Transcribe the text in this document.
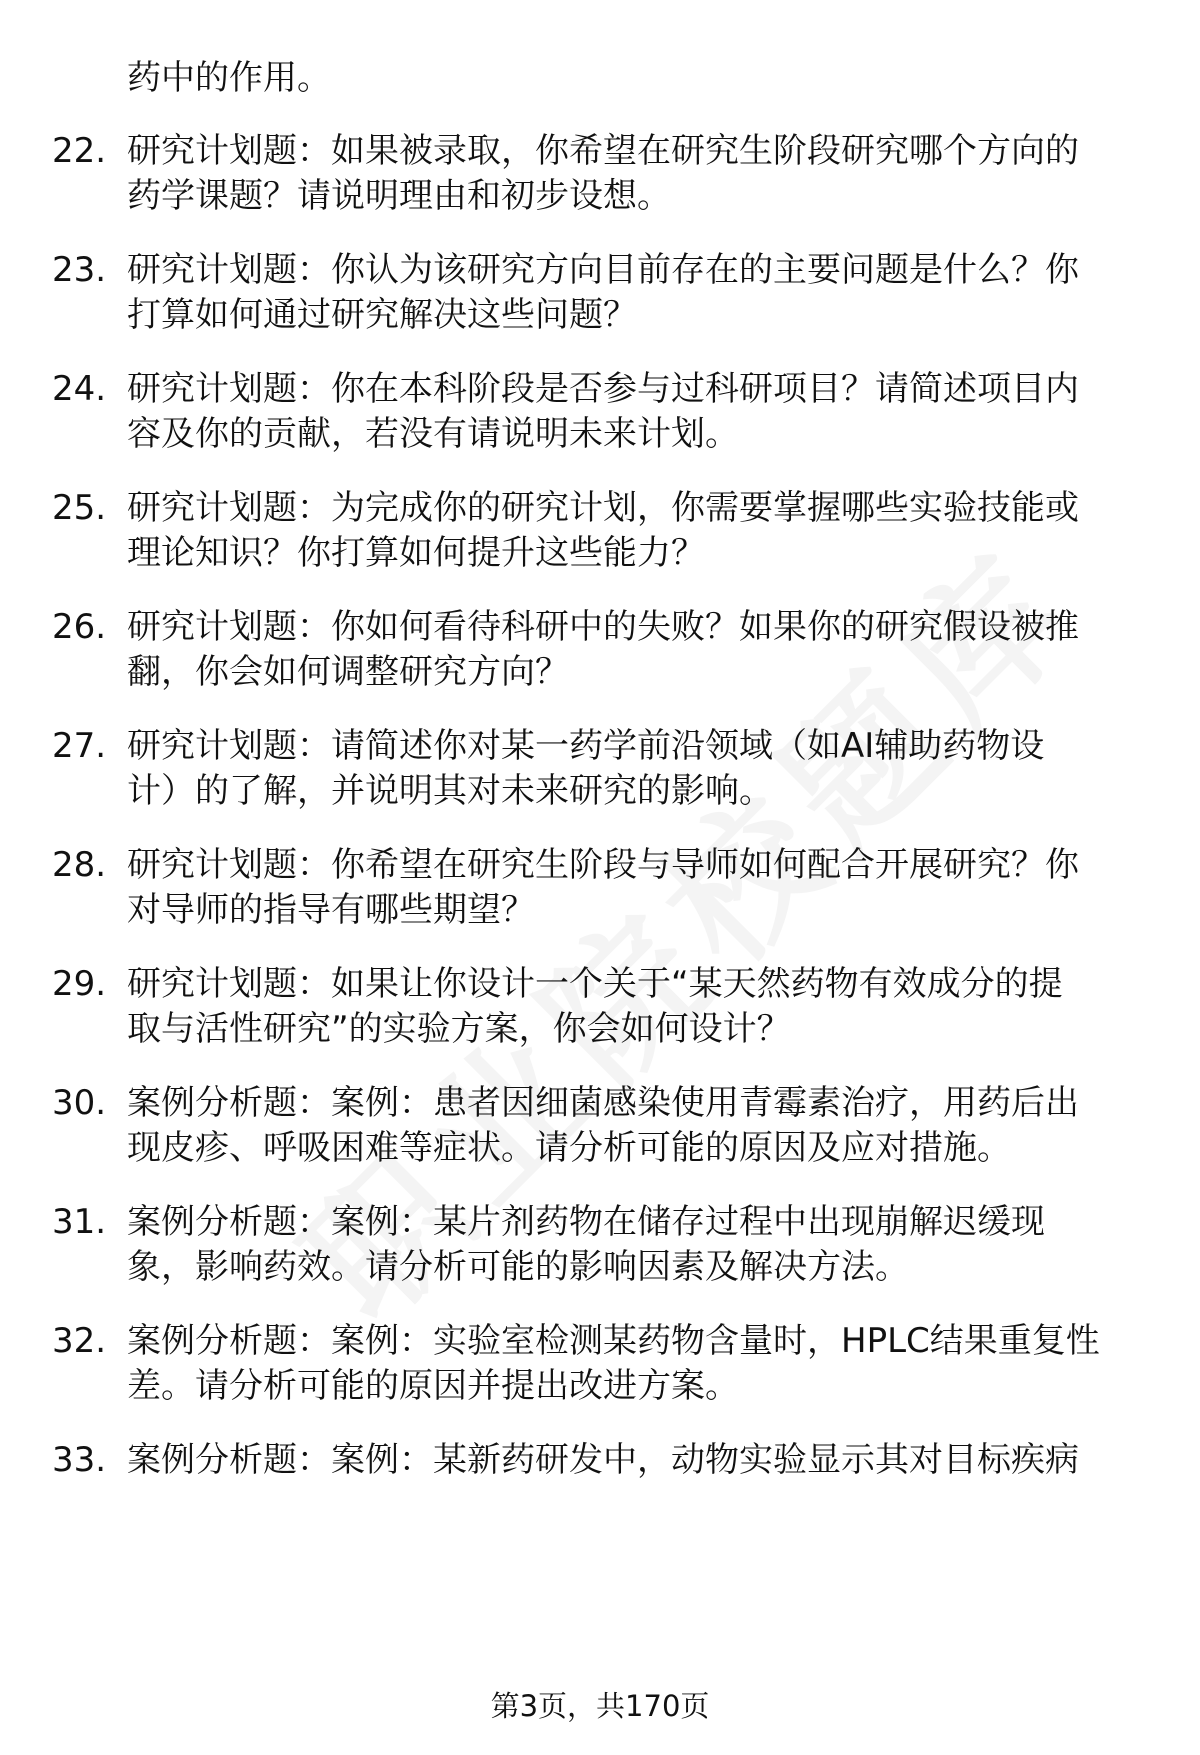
药中的作用。
22. 研究计划题：如果被录取，你希望在研究生阶段研究哪个方向的
药学课题？请说明理由和初步设想。
23. 研究计划题：你认为该研究方向目前存在的主要问题是什么？你
打算如何通过研究解决这些问题？
24. 研究计划题：你在本科阶段是否参与过科研项目？请简述项目内
容及你的贡献，若没有请说明未来计划。
25. 研究计划题：为完成你的研究计划，你需要掌握哪些实验技能或
理论知识？你打算如何提升这些能力？
26. 研究计划题：你如何看待科研中的失败？如果你的研究假设被推
翻，你会如何调整研究方向？
27. 研究计划题：请简述你对某一药学前沿领域（如AI辅助药物设
计）的了解，并说明其对未来研究的影响。
28. 研究计划题：你希望在研究生阶段与导师如何配合开展研究？你
对导师的指导有哪些期望？
29. 研究计划题：如果让你设计一个关于“某天然药物有效成分的提
取与活性研究”的实验方案，你会如何设计？
30. 案例分析题：案例：患者因细菌感染使用青霉素治疗，用药后出
现皮疹、呼吸困难等症状。请分析可能的原因及应对措施。
31. 案例分析题：案例：某片剂药物在储存过程中出现崩解迟缓现
象，影响药效。请分析可能的影响因素及解决方法。
32. 案例分析题：案例：实验室检测某药物含量时，HPLC结果重复性
差。请分析可能的原因并提出改进方案。
33. 案例分析题：案例：某新药研发中，动物实验显示其对目标疾病
第3页，共170页
